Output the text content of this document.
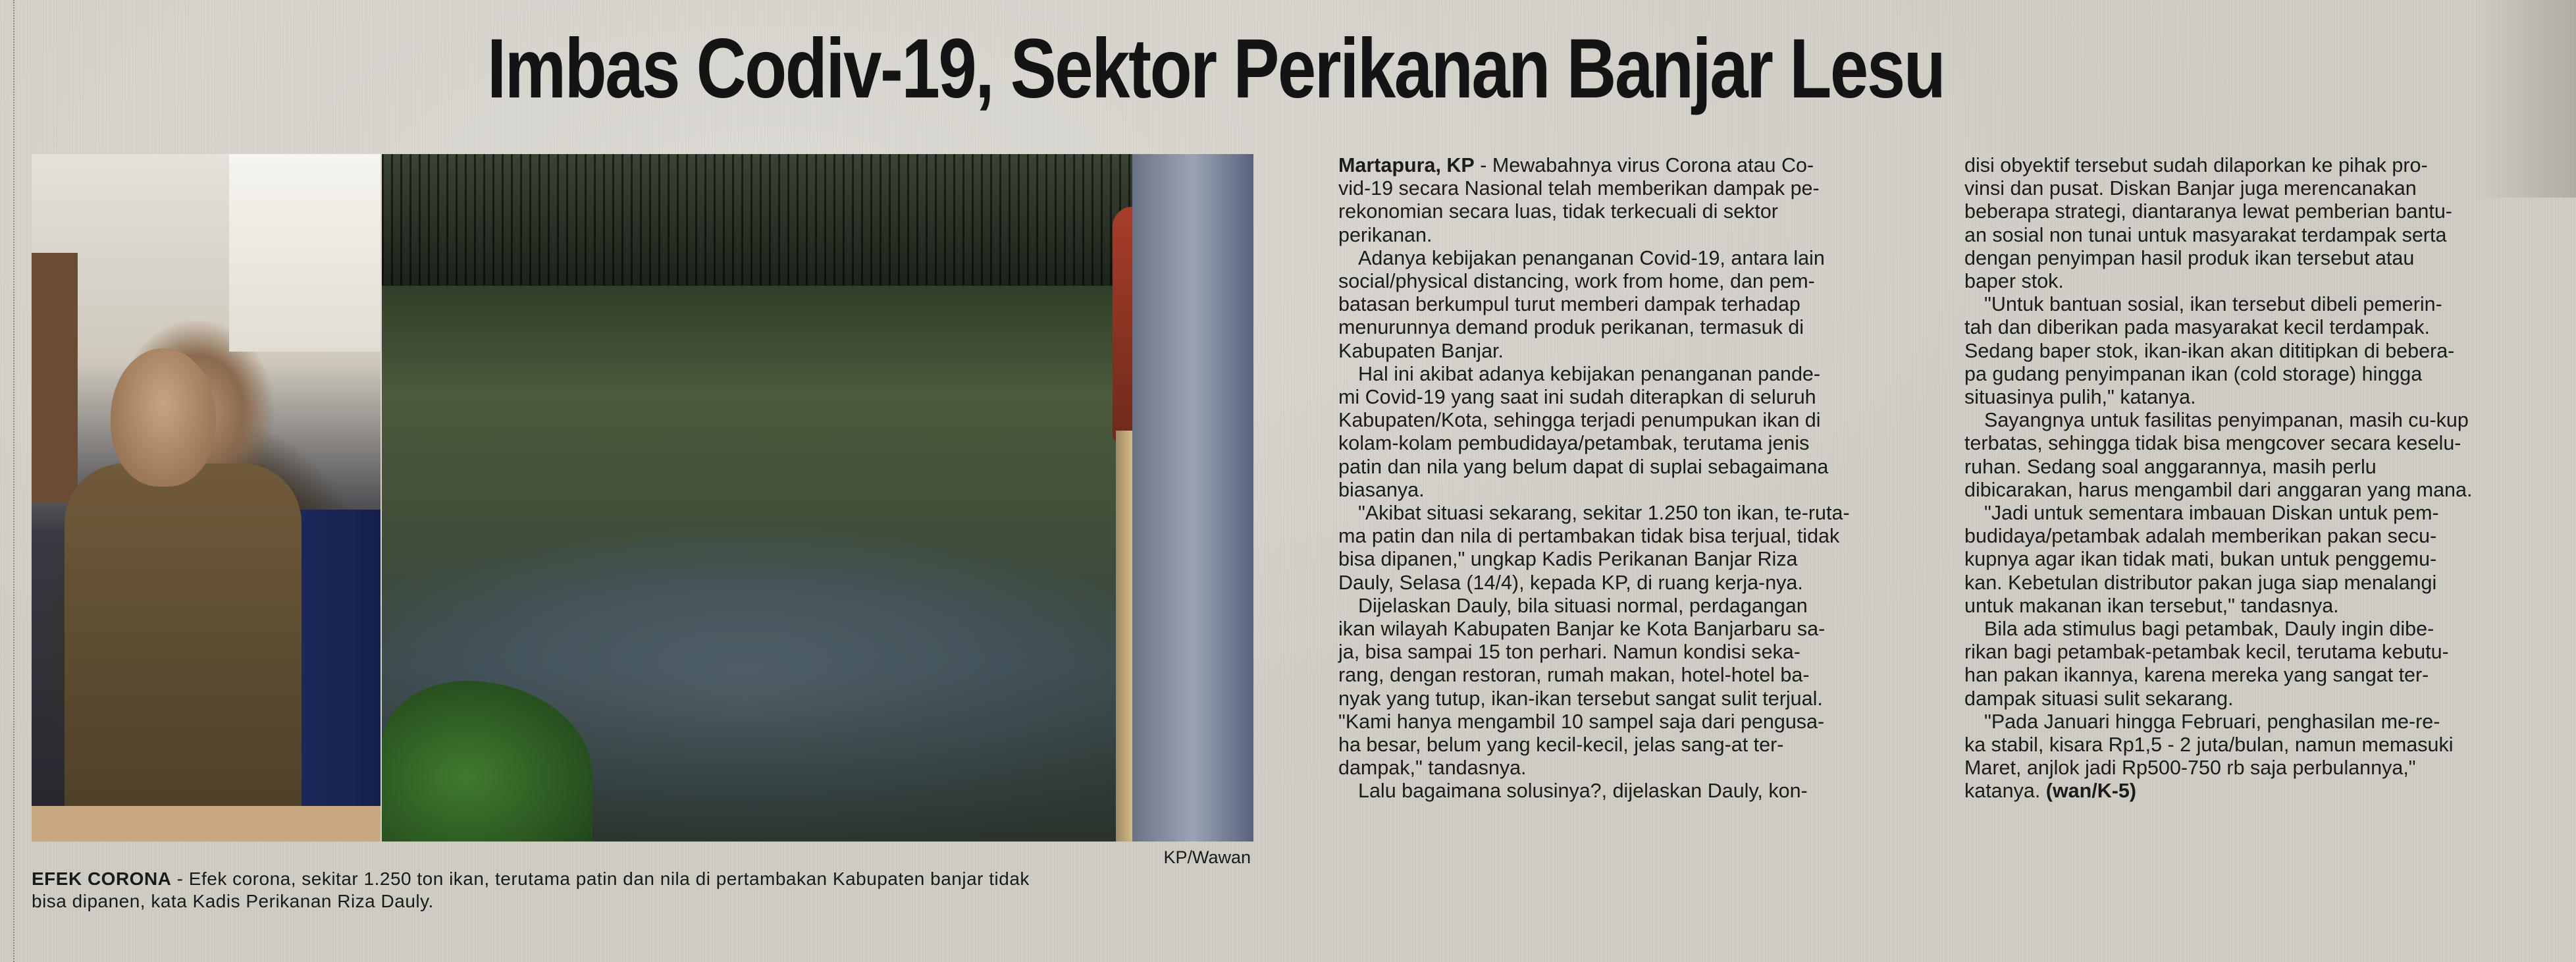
Imbas Codiv-19, Sektor Perikanan Banjar Lesu
KP/Wawan
EFEK CORONA - Efek corona, sekitar 1.250 ton ikan, terutama patin dan nila di pertambakan Kabupaten banjar tidak
bisa dipanen, kata Kadis Perikanan Riza Dauly.

Martapura, KP - Mewabahnya virus Corona atau Co-

vid-19 secara Nasional telah memberikan dampak pe-

rekonomian secara luas, tidak terkecuali di sektor

perikanan.

Adanya kebijakan penanganan Covid-19, antara lain

social/physical distancing, work from home, dan pem-

batasan berkumpul turut memberi dampak terhadap

menurunnya demand produk perikanan, termasuk di

Kabupaten Banjar.

Hal ini akibat adanya kebijakan penanganan pande-

mi Covid-19 yang saat ini sudah diterapkan di seluruh

Kabupaten/Kota, sehingga terjadi penumpukan ikan di

kolam-kolam pembudidaya/petambak, terutama jenis

patin dan nila yang belum dapat di suplai sebagaimana

biasanya.

"Akibat situasi sekarang, sekitar 1.250 ton ikan, te-ruta-

ma patin dan nila di pertambakan tidak bisa terjual, tidak

bisa dipanen," ungkap Kadis Perikanan Banjar Riza

Dauly, Selasa (14/4), kepada KP, di ruang kerja-nya.

Dijelaskan Dauly, bila situasi normal, perdagangan

ikan wilayah Kabupaten Banjar ke Kota Banjarbaru sa-

ja, bisa sampai 15 ton perhari. Namun kondisi seka-

rang, dengan restoran, rumah makan, hotel-hotel ba-

nyak yang tutup, ikan-ikan tersebut sangat sulit terjual.

"Kami hanya mengambil 10 sampel saja dari pengusa-

ha besar, belum yang kecil-kecil, jelas sang-at ter-

dampak," tandasnya.

Lalu bagaimana solusinya?, dijelaskan Dauly, kon-

disi obyektif tersebut sudah dilaporkan ke pihak pro-

vinsi dan pusat. Diskan Banjar juga merencanakan

beberapa strategi, diantaranya lewat pemberian bantu-

an sosial non tunai untuk masyarakat terdampak serta

dengan penyimpan hasil produk ikan tersebut atau

baper stok.

"Untuk bantuan sosial, ikan tersebut dibeli pemerin-

tah dan diberikan pada masyarakat kecil terdampak.

Sedang baper stok, ikan-ikan akan dititipkan di bebera-

pa gudang penyimpanan ikan (cold storage) hingga

situasinya pulih," katanya.

Sayangnya untuk fasilitas penyimpanan, masih cu-kup

terbatas, sehingga tidak bisa mengcover secara keselu-

ruhan. Sedang soal anggarannya, masih perlu

dibicarakan, harus mengambil dari anggaran yang mana.

"Jadi untuk sementara imbauan Diskan untuk pem-

budidaya/petambak adalah memberikan pakan secu-

kupnya agar ikan tidak mati, bukan untuk penggemu-

kan. Kebetulan distributor pakan juga siap menalangi

untuk makanan ikan tersebut," tandasnya.

Bila ada stimulus bagi petambak, Dauly ingin dibe-

rikan bagi petambak-petambak kecil, terutama kebutu-

han pakan ikannya, karena mereka yang sangat ter-

dampak situasi sulit sekarang.

"Pada Januari hingga Februari, penghasilan me-re-

ka stabil, kisara Rp1,5 - 2 juta/bulan, namun memasuki

Maret, anjlok jadi Rp500-750 rb saja perbulannya,"

katanya. (wan/K-5)
